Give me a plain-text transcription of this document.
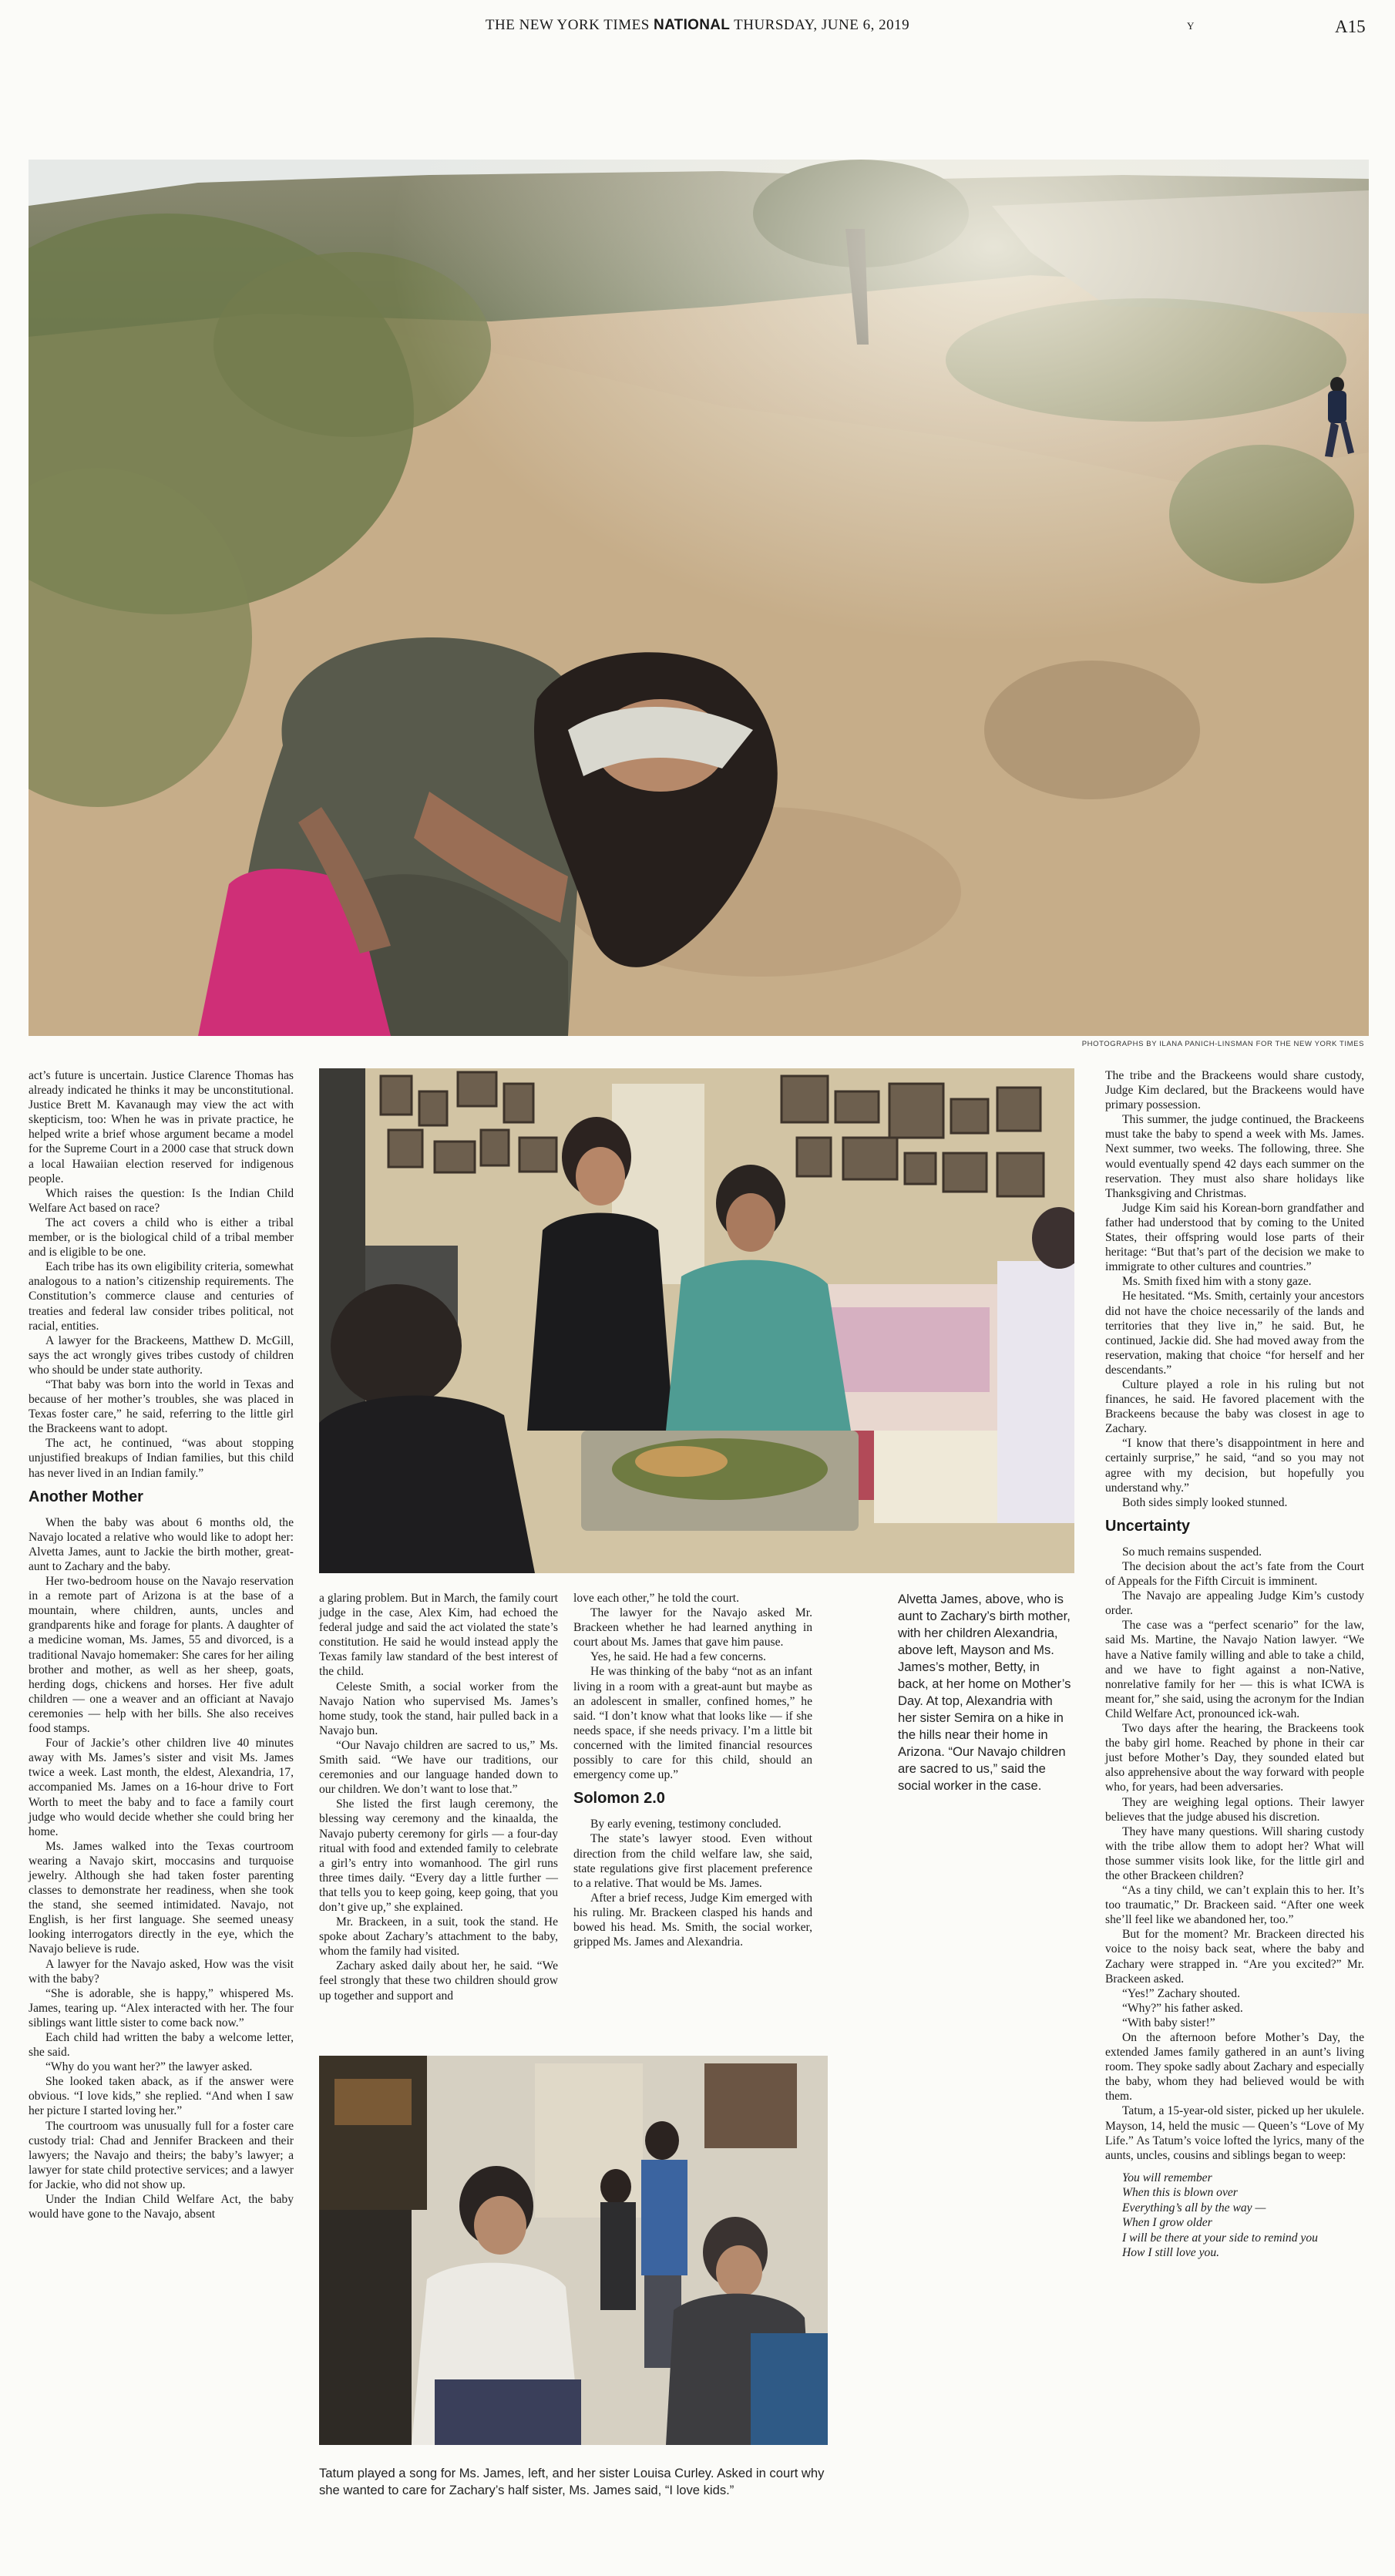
THE NEW YORK TIMES NATIONAL THURSDAY, JUNE 6, 2019	Y	A15
PHOTOGRAPHS BY ILANA PANICH-LINSMAN FOR THE NEW YORK TIMES

act’s future is uncertain. Justice Clarence Thomas has already indicated he thinks it may be unconstitutional. Justice Brett M. Kavanaugh may view the act with skepticism, too: When he was in private practice, he helped write a brief whose argument became a model for the Supreme Court in a 2000 case that struck down a local Hawaiian election reserved for indigenous people.

Which raises the question: Is the Indian Child Welfare Act based on race?

The act covers a child who is either a tribal member, or is the biological child of a tribal member and is eligible to be one.

Each tribe has its own eligibility criteria, somewhat analogous to a nation’s citizenship requirements. The Constitution’s commerce clause and centuries of treaties and federal law consider tribes political, not racial, entities.

A lawyer for the Brackeens, Matthew D. McGill, says the act wrongly gives tribes custody of children who should be under state authority.

“That baby was born into the world in Texas and because of her mother’s troubles, she was placed in Texas foster care,” he said, referring to the little girl the Brackeens want to adopt.

The act, he continued, “was about stopping unjustified breakups of Indian families, but this child has never lived in an Indian family.”

Another Mother

When the baby was about 6 months old, the Navajo located a relative who would like to adopt her: Alvetta James, aunt to Jackie the birth mother, great-aunt to Zachary and the baby.

Her two-bedroom house on the Navajo reservation in a remote part of Arizona is at the base of a mountain, where children, aunts, uncles and grandparents hike and forage for plants. A daughter of a medicine woman, Ms. James, 55 and divorced, is a traditional Navajo homemaker: She cares for her ailing brother and mother, as well as her sheep, goats, herding dogs, chickens and horses. Her five adult children — one a weaver and an officiant at Navajo ceremonies — help with her bills. She also receives food stamps.

Four of Jackie’s other children live 40 minutes away with Ms. James’s sister and visit Ms. James twice a week. Last month, the eldest, Alexandria, 17, accompanied Ms. James on a 16-hour drive to Fort Worth to meet the baby and to face a family court judge who would decide whether she could bring her home.

Ms. James walked into the Texas courtroom wearing a Navajo skirt, moccasins and turquoise jewelry. Although she had taken foster parenting classes to demonstrate her readiness, when she took the stand, she seemed intimidated. Navajo, not English, is her first language. She seemed uneasy looking interrogators directly in the eye, which the Navajo believe is rude.

A lawyer for the Navajo asked, How was the visit with the baby?

“She is adorable, she is happy,” whispered Ms. James, tearing up. “Alex interacted with her. The four siblings want little sister to come back now.”

Each child had written the baby a welcome letter, she said.

“Why do you want her?” the lawyer asked.

She looked taken aback, as if the answer were obvious. “I love kids,” she replied. “And when I saw her picture I started loving her.”

The courtroom was unusually full for a foster care custody trial: Chad and Jennifer Brackeen and their lawyers; the Navajo and theirs; the baby’s lawyer; a lawyer for state child protective services; and a lawyer for Jackie, who did not show up.

Under the Indian Child Welfare Act, the baby would have gone to the Navajo, absent

a glaring problem. But in March, the family court judge in the case, Alex Kim, had echoed the federal judge and said the act violated the state’s constitution. He said he would instead apply the Texas family law standard of the best interest of the child.

Celeste Smith, a social worker from the Navajo Nation who supervised Ms. James’s home study, took the stand, hair pulled back in a Navajo bun.

“Our Navajo children are sacred to us,” Ms. Smith said. “We have our traditions, our ceremonies and our language handed down to our children. We don’t want to lose that.”

She listed the first laugh ceremony, the blessing way ceremony and the kinaalda, the Navajo puberty ceremony for girls — a four-day ritual with food and extended family to celebrate a girl’s entry into womanhood. The girl runs three times daily. “Every day a little further — that tells you to keep going, keep going, that you don’t give up,” she explained.

Mr. Brackeen, in a suit, took the stand. He spoke about Zachary’s attachment to the baby, whom the family had visited.

Zachary asked daily about her, he said. “We feel strongly that these two children should grow up together and support and

love each other,” he told the court.

The lawyer for the Navajo asked Mr. Brackeen whether he had learned anything in court about Ms. James that gave him pause.

Yes, he said. He had a few concerns.

He was thinking of the baby “not as an infant living in a room with a great-aunt but maybe as an adolescent in smaller, confined homes,” he said. “I don’t know what that looks like — if she needs space, if she needs privacy. I’m a little bit concerned with the limited financial resources possibly to care for this child, should an emergency come up.”

Solomon 2.0

By early evening, testimony concluded.

The state’s lawyer stood. Even without direction from the child welfare law, she said, state regulations give first placement preference to a relative. That would be Ms. James.

After a brief recess, Judge Kim emerged with his ruling. Mr. Brackeen clasped his hands and bowed his head. Ms. Smith, the social worker, gripped Ms. James and Alexandria.

Alvetta James, above, who is aunt to Zachary’s birth mother, with her children Alexandria, above left, Mayson and Ms. James’s mother, Betty, in back, at her home on Mother’s Day. At top, Alexandria with her sister Semira on a hike in the hills near their home in Arizona. “Our Navajo children are sacred to us,” said the social worker in the case.
Tatum played a song for Ms. James, left, and her sister Louisa Curley. Asked in court why she wanted to care for Zachary’s half sister, Ms. James said, “I love kids.”

The tribe and the Brackeens would share custody, Judge Kim declared, but the Brackeens would have primary possession.

This summer, the judge continued, the Brackeens must take the baby to spend a week with Ms. James. Next summer, two weeks. The following, three. She would eventually spend 42 days each summer on the reservation. They must also share holidays like Thanksgiving and Christmas.

Judge Kim said his Korean-born grandfather and father had understood that by coming to the United States, their offspring would lose parts of their heritage: “But that’s part of the decision we make to immigrate to other cultures and countries.”

Ms. Smith fixed him with a stony gaze.

He hesitated. “Ms. Smith, certainly your ancestors did not have the choice necessarily of the lands and territories that they live in,” he said. But, he continued, Jackie did. She had moved away from the reservation, making that choice “for herself and her descendants.”

Culture played a role in his ruling but not finances, he said. He favored placement with the Brackeens because the baby was closest in age to Zachary.

“I know that there’s disappointment in here and certainly surprise,” he said, “and so you may not agree with my decision, but hopefully you understand why.”

Both sides simply looked stunned.

Uncertainty

So much remains suspended.

The decision about the act’s fate from the Court of Appeals for the Fifth Circuit is imminent.

The Navajo are appealing Judge Kim’s custody order.

The case was a “perfect scenario” for the law, said Ms. Martine, the Navajo Nation lawyer. “We have a Native family willing and able to take a child, and we have to fight against a non-Native, nonrelative family for her — this is what ICWA is meant for,” she said, using the acronym for the Indian Child Welfare Act, pronounced ick-wah.

Two days after the hearing, the Brackeens took the baby girl home. Reached by phone in their car just before Mother’s Day, they sounded elated but also apprehensive about the way forward with people who, for years, had been adversaries.

They are weighing legal options. Their lawyer believes that the judge abused his discretion.

They have many questions. Will sharing custody with the tribe allow them to adopt her? What will those summer visits look like, for the little girl and the other Brackeen children?

“As a tiny child, we can’t explain this to her. It’s too traumatic,” Dr. Brackeen said. “After one week she’ll feel like we abandoned her, too.”

But for the moment? Mr. Brackeen directed his voice to the noisy back seat, where the baby and Zachary were strapped in. “Are you excited?” Mr. Brackeen asked.

“Yes!” Zachary shouted.

“Why?” his father asked.

“With baby sister!”

On the afternoon before Mother’s Day, the extended James family gathered in an aunt’s living room. They spoke sadly about Zachary and especially the baby, whom they had believed would be with them.

Tatum, a 15-year-old sister, picked up her ukulele. Mayson, 14, held the music — Queen’s “Love of My Life.” As Tatum’s voice lofted the lyrics, many of the aunts, uncles, cousins and siblings began to weep:

You will remember
When this is blown over
Everything’s all by the way —
When I grow older
I will be there at your side to remind you
How I still love you.
